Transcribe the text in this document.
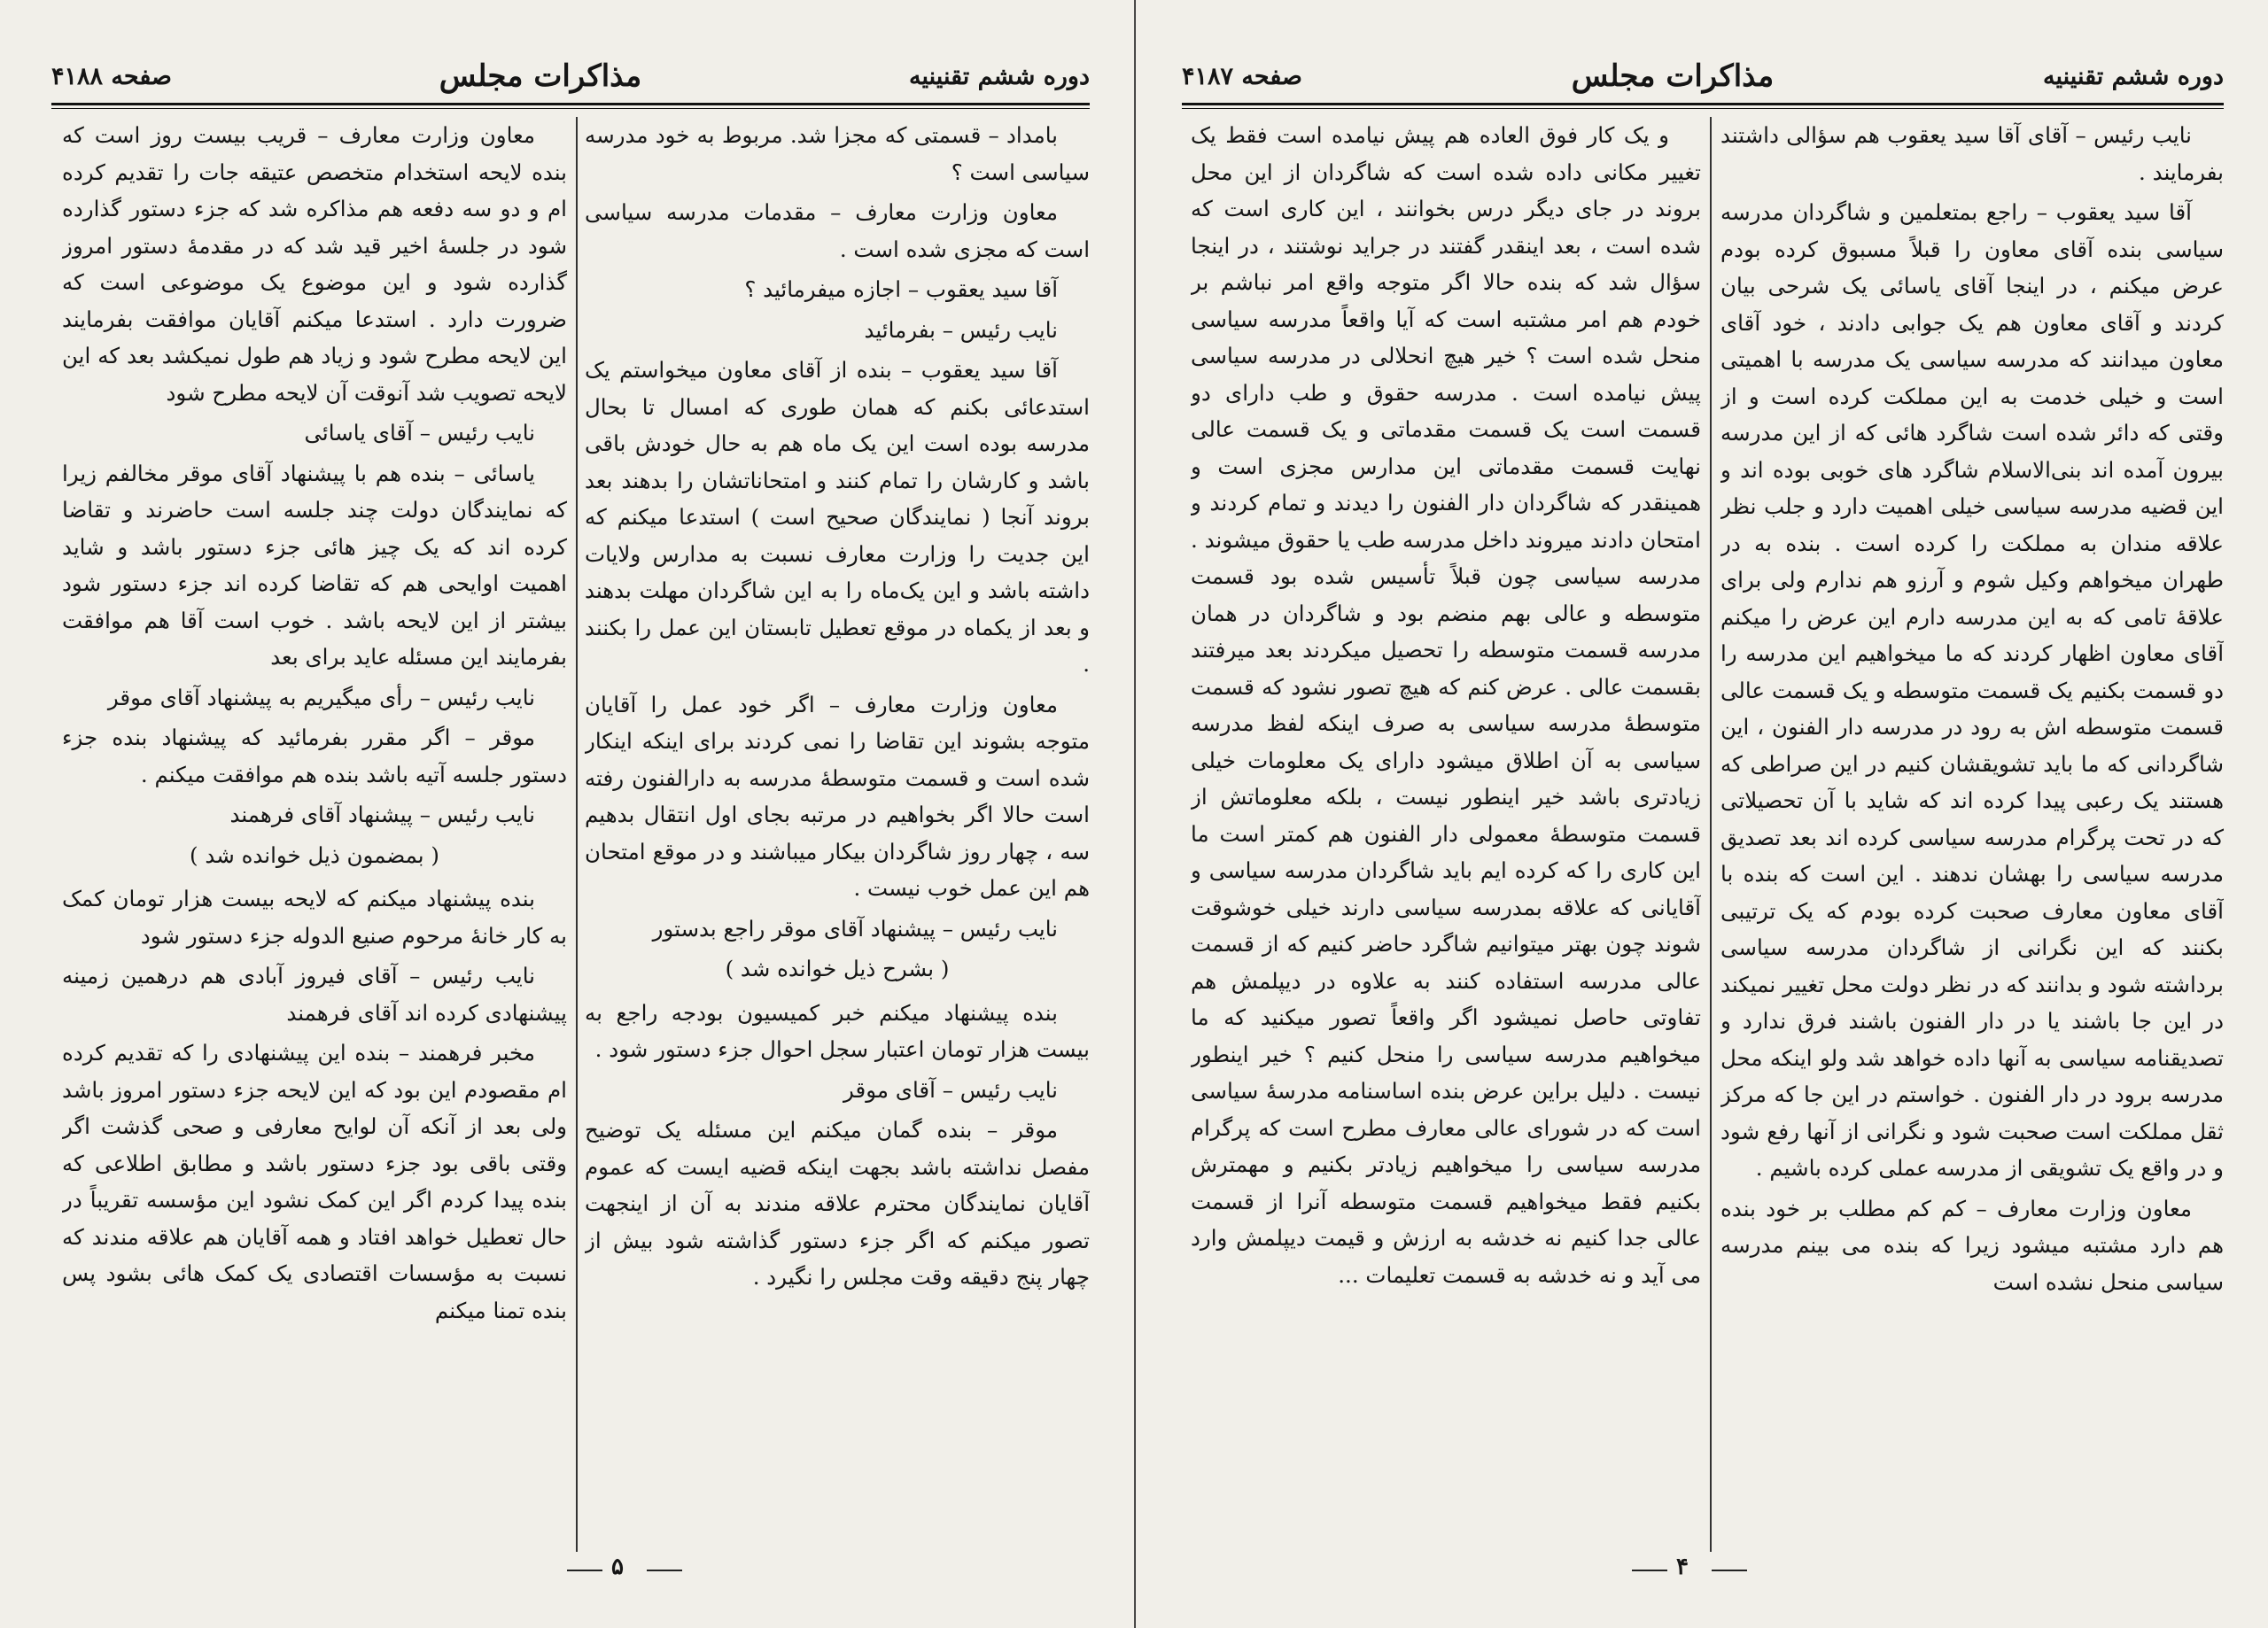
دوره ششم تقنینیه
مذاکرات مجلس
صفحه ۴۱۸۸

بامداد – قسمتی که مجزا شد. مربوط به خود مدرسه سیاسی است ؟

معاون وزارت معارف – مقدمات مدرسه سیاسی است که مجزی شده است .

آقا سید یعقوب – اجازه میفرمائید ؟

نایب رئیس – بفرمائید

آقا سید یعقوب – بنده از آقای معاون میخواستم یک استدعائی بکنم که همان طوری که امسال تا بحال مدرسه بوده است این یک ماه هم به حال خودش باقی باشد و کارشان را تمام کنند و امتحاناتشان را بدهند بعد بروند آنجا ( نمایندگان صحیح است ) استدعا میکنم که این جدیت را وزارت معارف نسبت به مدارس ولایات داشته باشد و این یک‌ماه را به این شاگردان مهلت بدهند و بعد از یکماه در موقع تعطیل تابستان این عمل را بکنند .

معاون وزارت معارف – اگر خود عمل را آقایان متوجه بشوند این تقاضا را نمی کردند برای اینکه اینکار شده است و قسمت متوسطهٔ مدرسه به دارالفنون رفته است حالا اگر بخواهیم در مرتبه بجای اول انتقال بدهیم سه ، چهار روز شاگردان بیکار میباشند و در موقع امتحان هم این عمل خوب نیست .

نایب رئیس – پیشنهاد آقای موقر راجع بدستور

( بشرح ذیل خوانده شد )

بنده پیشنهاد میکنم خبر کمیسیون بودجه راجع به بیست هزار تومان اعتبار سجل احوال جزء دستور شود .

نایب رئیس – آقای موقر

موقر – بنده گمان میکنم این مسئله یک توضیح مفصل نداشته باشد بجهت اینکه قضیه ایست که عموم آقایان نمایندگان محترم علاقه مندند به آن از اینجهت تصور میکنم که اگر جزء دستور گذاشته شود بیش از چهار پنج دقیقه وقت مجلس را نگیرد .

معاون وزارت معارف – قریب بیست روز است که بنده لایحه استخدام متخصص عتیقه جات را تقدیم کرده ام و دو سه دفعه هم مذاکره شد که جزء دستور گذارده شود در جلسهٔ اخیر قید شد که در مقدمهٔ دستور امروز گذارده شود و این موضوع یک موضوعی است که ضرورت دارد . استدعا میکنم آقایان موافقت بفرمایند این لایحه مطرح شود و زیاد هم طول نمیکشد بعد که این لایحه تصویب شد آنوقت آن لایحه مطرح شود

نایب رئیس – آقای یاسائی

یاسائی – بنده هم با پیشنهاد آقای موقر مخالفم زیرا که نمایندگان دولت چند جلسه است حاضرند و تقاضا کرده اند که یک چیز هائی جزء دستور باشد و شاید اهمیت اوایحی هم که تقاضا کرده اند جزء دستور شود بیشتر از این لایحه باشد . خوب است آقا هم موافقت بفرمایند این مسئله عاید برای بعد

نایب رئیس – رأی میگیریم به پیشنهاد آقای موقر

موقر – اگر مقرر بفرمائید که پیشنهاد بنده جزء دستور جلسه آتیه باشد بنده هم موافقت میکنم .

نایب رئیس – پیشنهاد آقای فرهمند

( بمضمون ذیل خوانده شد )

بنده پیشنهاد میکنم که لایحه بیست هزار تومان کمک به کار خانهٔ مرحوم صنیع الدوله جزء دستور شود

نایب رئیس – آقای فیروز آبادی هم درهمین زمینه پیشنهادی کرده اند آقای فرهمند

مخبر فرهمند – بنده این پیشنهادی را که تقدیم کرده ام مقصودم این بود که این لایحه جزء دستور امروز باشد ولی بعد از آنکه آن لوایح معارفی و صحی گذشت اگر وقتی باقی بود جزء دستور باشد و مطابق اطلاعی که بنده پیدا کردم اگر این کمک نشود این مؤسسه تقریباً در حال تعطیل خواهد افتاد و همه آقایان هم علاقه مندند که نسبت به مؤسسات اقتصادی یک کمک هائی بشود پس بنده تمنا میکنم

۵
دوره ششم تقنینیه
مذاکرات مجلس
صفحه ۴۱۸۷

نایب رئیس – آقای آقا سید یعقوب هم سؤالی داشتند بفرمایند .

آقا سید یعقوب – راجع بمتعلمین و شاگردان مدرسه سیاسی بنده آقای معاون را قبلاً مسبوق کرده بودم عرض میکنم ، در اینجا آقای یاسائی یک شرحی بیان کردند و آقای معاون هم یک جوابی دادند ، خود آقای معاون میدانند که مدرسه سیاسی یک مدرسه با اهمیتی است و خیلی خدمت به این مملکت کرده است و از وقتی که دائر شده است شاگرد هائی که از این مدرسه بیرون آمده اند بنی‌الاسلام شاگرد های خوبی بوده اند و این قضیه مدرسه سیاسی خیلی اهمیت دارد و جلب نظر علاقه مندان به مملکت را کرده است . بنده به در طهران میخواهم وکیل شوم و آرزو هم ندارم ولی برای علاقهٔ تامی که به این مدرسه دارم این عرض را میکنم آقای معاون اظهار کردند که ما میخواهیم این مدرسه را دو قسمت بکنیم یک قسمت متوسطه و یک قسمت عالی قسمت متوسطه اش به رود در مدرسه دار الفنون ، این شاگردانی که ما باید تشویقشان کنیم در این صراطی که هستند یک رعبی پیدا کرده اند که شاید با آن تحصیلاتی که در تحت پرگرام مدرسه سیاسی کرده اند بعد تصدیق مدرسه سیاسی را بهشان ندهند . این است که بنده با آقای معاون معارف صحبت کرده بودم که یک ترتیبی بکنند که این نگرانی از شاگردان مدرسه سیاسی برداشته شود و بدانند که در نظر دولت محل تغییر نمیکند در این جا باشند یا در دار الفنون باشند فرق ندارد و تصدیقنامه سیاسی به آنها داده خواهد شد ولو اینکه محل مدرسه برود در دار الفنون . خواستم در این جا که مرکز ثقل مملکت است صحبت شود و نگرانی از آنها رفع شود و در واقع یک تشویقی از مدرسه عملی کرده باشیم .

معاون وزارت معارف – کم کم مطلب بر خود بنده هم دارد مشتبه میشود زیرا که بنده می بینم مدرسه سیاسی منحل نشده است

و یک کار فوق العاده هم پیش نیامده است فقط یک تغییر مکانی داده شده است که شاگردان از این محل بروند در جای دیگر درس بخوانند ، این کاری است که شده است ، بعد اینقدر گفتند در جراید نوشتند ، در اینجا سؤال شد که بنده حالا اگر متوجه واقع امر نباشم بر خودم هم امر مشتبه است که آیا واقعاً مدرسه سیاسی منحل شده است ؟ خیر هیچ انحلالی در مدرسه سیاسی پیش نیامده است . مدرسه حقوق و طب دارای دو قسمت است یک قسمت مقدماتی و یک قسمت عالی نهایت قسمت مقدماتی این مدارس مجزی است و همینقدر که شاگردان دار الفنون را دیدند و تمام کردند و امتحان دادند میروند داخل مدرسه طب یا حقوق میشوند . مدرسه سیاسی چون قبلاً تأسیس شده بود قسمت متوسطه و عالی بهم منضم بود و شاگردان در همان مدرسه قسمت متوسطه را تحصیل میکردند بعد میرفتند بقسمت عالی . عرض کنم که هیچ تصور نشود که قسمت متوسطهٔ مدرسه سیاسی به صرف اینکه لفظ مدرسه سیاسی به آن اطلاق میشود دارای یک معلومات خیلی زیادتری باشد خیر اینطور نیست ، بلکه معلوماتش از قسمت متوسطهٔ معمولی دار الفنون هم کمتر است ما این کاری را که کرده ایم باید شاگردان مدرسه سیاسی و آقایانی که علاقه بمدرسه سیاسی دارند خیلی خوشوقت شوند چون بهتر میتوانیم شاگرد حاضر کنیم که از قسمت عالی مدرسه استفاده کنند به علاوه در دیپلمش هم تفاوتی حاصل نمیشود اگر واقعاً تصور میکنید که ما میخواهیم مدرسه سیاسی را منحل کنیم ؟ خیر اینطور نیست . دلیل براین عرض بنده اساسنامه مدرسهٔ سیاسی است که در شورای عالی معارف مطرح است که پرگرام مدرسه سیاسی را میخواهیم زیادتر بکنیم و مهمترش بکنیم فقط میخواهیم قسمت متوسطه آنرا از قسمت عالی جدا کنیم نه خدشه به ارزش و قیمت دیپلمش وارد می آید و نه خدشه به قسمت تعلیمات ...

۴
